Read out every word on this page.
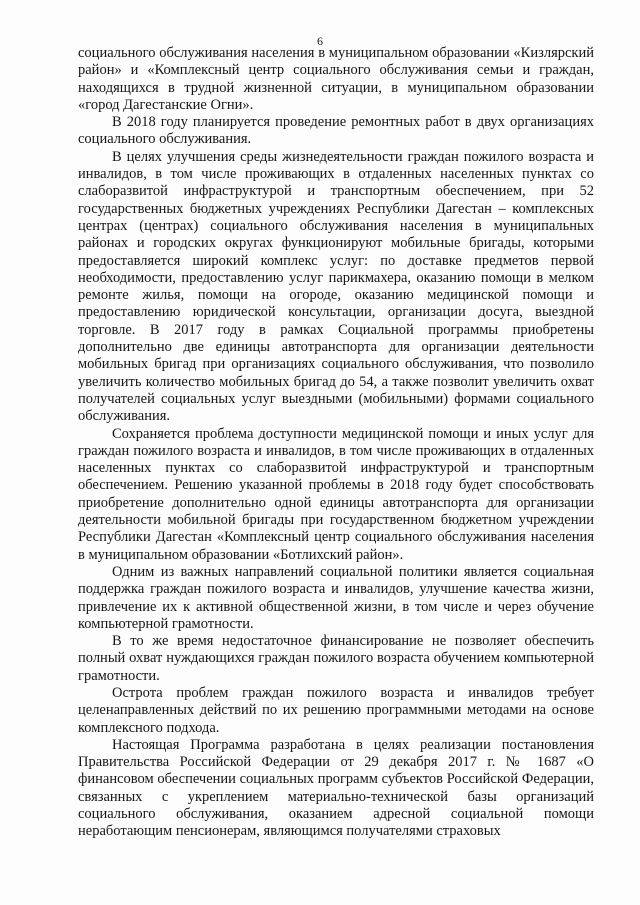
6

социального обслуживания населения в муниципальном образовании «Кизлярский район» и «Комплексный центр социального обслуживания семьи и граждан, находящихся в трудной жизненной ситуации, в муниципальном образовании «город Дагестанские Огни».

В 2018 году планируется проведение ремонтных работ в двух организациях социального обслуживания.

В целях улучшения среды жизнедеятельности граждан пожилого возраста и инвалидов, в том числе проживающих в отдаленных населенных пунктах со слаборазвитой инфраструктурой и транспортным обеспечением, при 52 государственных бюджетных учреждениях Республики Дагестан – комплексных центрах (центрах) социального обслуживания населения в муниципальных районах и городских округах функционируют мобильные бригады, которыми предоставляется широкий комплекс услуг: по доставке предметов первой необходимости, предоставлению услуг парикмахера, оказанию помощи в мелком ремонте жилья, помощи на огороде, оказанию медицинской помощи и предоставлению юридической консультации, организации досуга, выездной торговле. В 2017 году в рамках Социальной программы приобретены дополнительно две единицы автотранспорта для организации деятельности мобильных бригад при организациях социального обслуживания, что позволило увеличить количество мобильных бригад до 54, а также позволит увеличить охват получателей социальных услуг выездными (мобильными) формами социального обслуживания.

Сохраняется проблема доступности медицинской помощи и иных услуг для граждан пожилого возраста и инвалидов, в том числе проживающих в отдаленных населенных пунктах со слаборазвитой инфраструктурой и транспортным обеспечением. Решению указанной проблемы в 2018 году будет способствовать приобретение дополнительно одной единицы автотранспорта для организации деятельности мобильной бригады при государственном бюджетном учреждении Республики Дагестан «Комплексный центр социального обслуживания населения в муниципальном образовании «Ботлихский район».

Одним из важных направлений социальной политики является социальная поддержка граждан пожилого возраста и инвалидов, улучшение качества жизни, привлечение их к активной общественной жизни, в том числе и через обучение компьютерной грамотности.

В то же время недостаточное финансирование не позволяет обеспечить полный охват нуждающихся граждан пожилого возраста обучением компьютерной грамотности.

Острота проблем граждан пожилого возраста и инвалидов требует целенаправленных действий по их решению программными методами на основе комплексного подхода.

Настоящая Программа разработана в целях реализации постановления Правительства Российской Федерации от 29 декабря 2017 г. № 1687 «О финансовом обеспечении социальных программ субъектов Российской Федерации, связанных с укреплением материально-технической базы организаций социального обслуживания, оказанием адресной социальной помощи неработающим пенсионерам, являющимся получателями страховых
